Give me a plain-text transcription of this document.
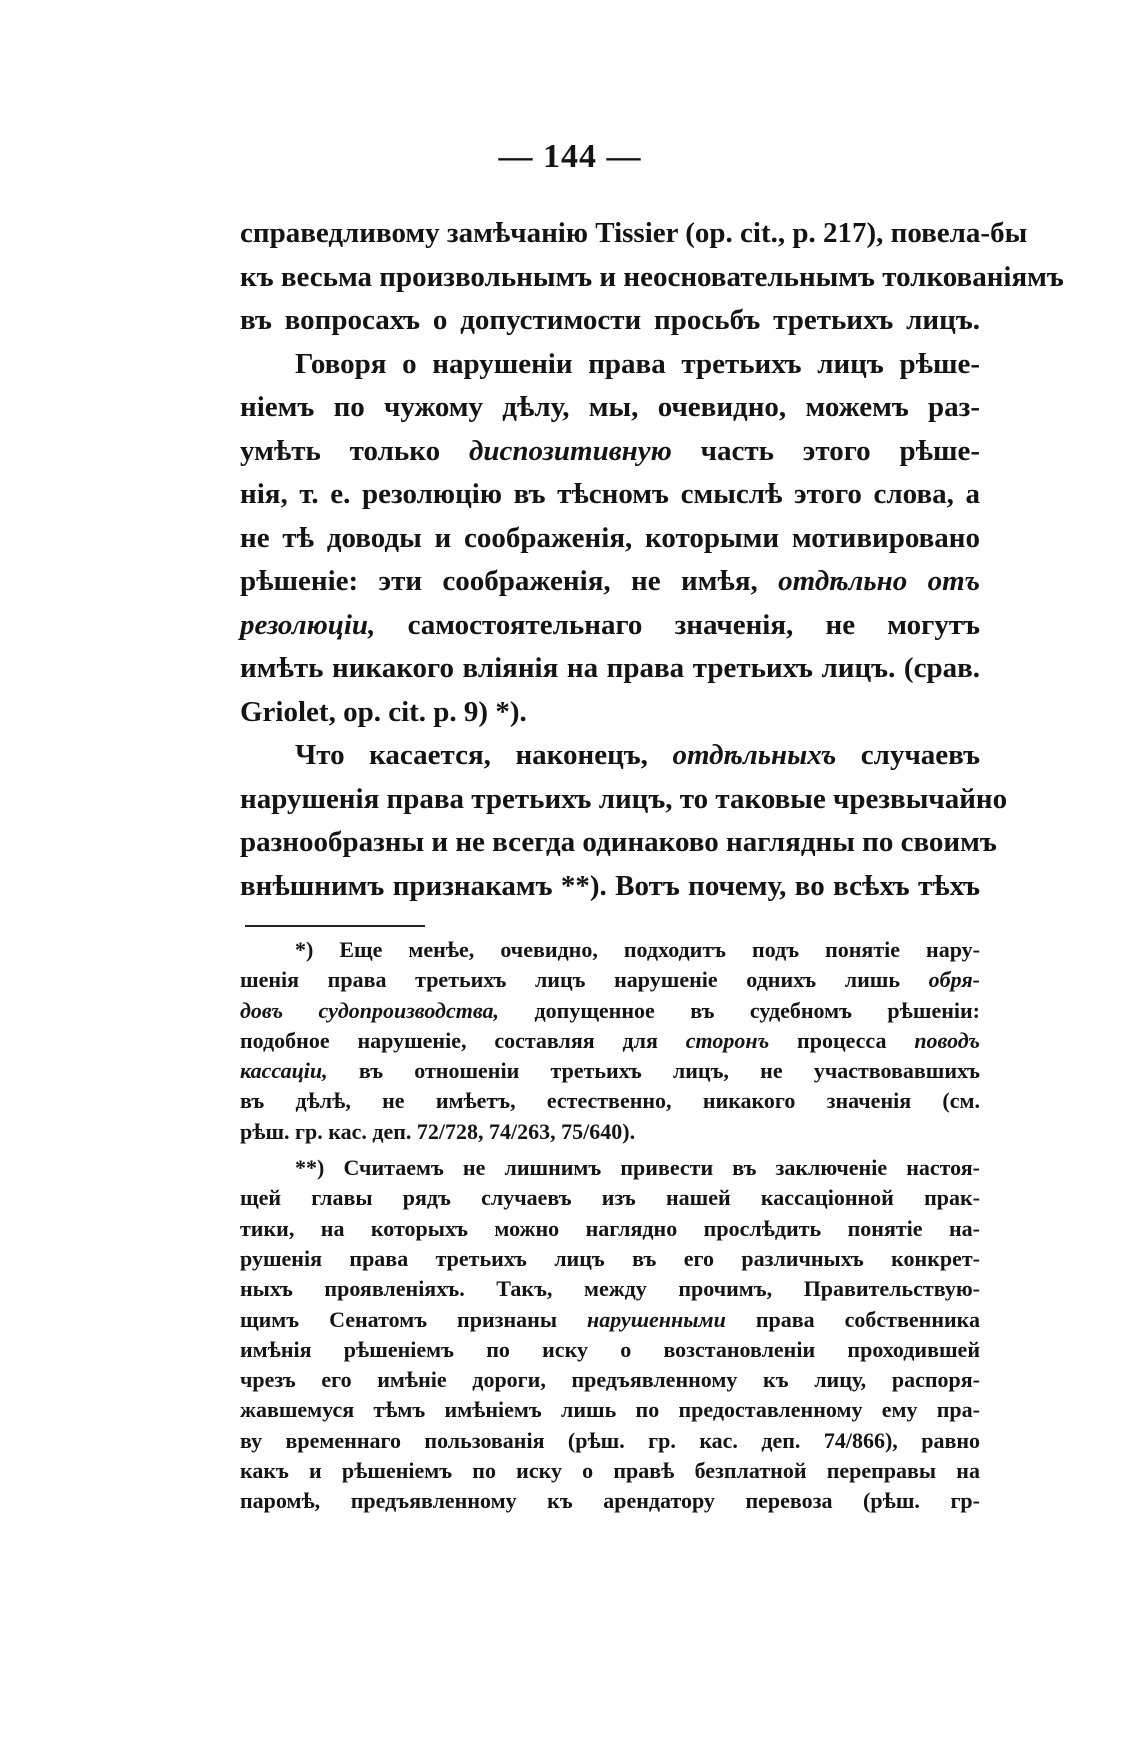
— 144 —
справедливому замѣчанію Tissier (op. cit., p. 217), повела-бы
къ весьма произвольнымъ и неосновательнымъ толкованіямъ
въ вопросахъ о допустимости просьбъ третьихъ лицъ.
Говоря о нарушеніи права третьихъ лицъ рѣше-
ніемъ по чужому дѣлу, мы, очевидно, можемъ раз-
умѣть только диспозитивную часть этого рѣше-
нія, т. е. резолюцію въ тѣсномъ смыслѣ этого слова, а
не тѣ доводы и соображенія, которыми мотивировано
рѣшеніе: эти соображенія, не имѣя, отдѣльно отъ
резолюціи, самостоятельнаго значенія, не могутъ
имѣть никакого вліянія на права третьихъ лицъ. (срав.
Griolet, op. cit. p. 9) *).
Что касается, наконецъ, отдѣльныхъ случаевъ
нарушенія права третьихъ лицъ, то таковые чрезвычайно
разнообразны и не всегда одинаково наглядны по своимъ
внѣшнимъ признакамъ **). Вотъ почему, во всѣхъ тѣхъ
*) Еще менѣе, очевидно, подходитъ подъ понятіе нару-
шенія права третьихъ лицъ нарушеніе однихъ лишь обря-
довъ судопроизводства, допущенное въ судебномъ рѣшеніи:
подобное нарушеніе, составляя для сторонъ процесса поводъ
кассаціи, въ отношеніи третьихъ лицъ, не участвовавшихъ
въ дѣлѣ, не имѣетъ, естественно, никакого значенія (см.
рѣш. гр. кас. деп. 72/728, 74/263, 75/640).
**) Считаемъ не лишнимъ привести въ заключеніе настоя-
щей главы рядъ случаевъ изъ нашей кассаціонной прак-
тики, на которыхъ можно наглядно прослѣдить понятіе на-
рушенія права третьихъ лицъ въ его различныхъ конкрет-
ныхъ проявленіяхъ. Такъ, между прочимъ, Правительствую-
щимъ Сенатомъ признаны нарушенными права собственника
имѣнія рѣшеніемъ по иску о возстановленіи проходившей
чрезъ его имѣніе дороги, предъявленному къ лицу, распоря-
жавшемуся тѣмъ имѣніемъ лишь по предоставленному ему пра-
ву временнаго пользованія (рѣш. гр. кас. деп. 74/866), равно
какъ и рѣшеніемъ по иску о правѣ безплатной переправы на
паромѣ, предъявленному къ арендатору перевоза (рѣш. гр-
